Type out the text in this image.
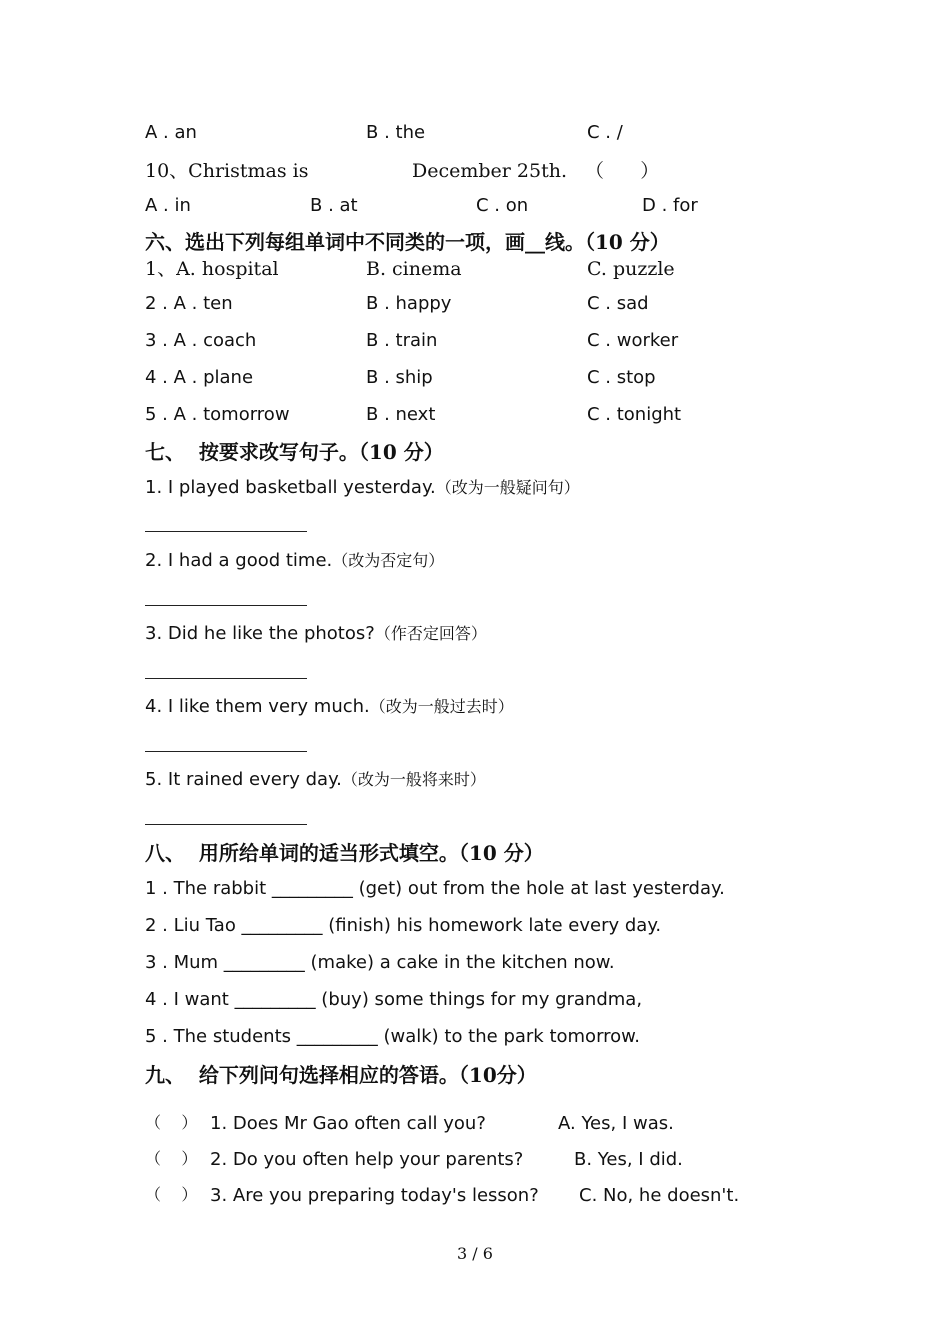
A . an	B . the	C . /
10、Christmas is	December 25th. （      ）
A . in	B . at	C . on	D . for
六、选出下列每组单词中不同类的一项，画__线。（10 分）
1、A. hospital	B. cinema	C. puzzle
2 . A . ten	B . happy	C . sad
3 . A . coach	B . train	C . worker
4 . A . plane	B . ship	C . stop
5 . A . tomorrow	B . next	C . tonight
七、  按要求改写句子。（10 分）
1. I played basketball yesterday.（改为一般疑问句）
2. I had a good time.（改为否定句）
3. Did he like the photos?（作否定回答）
4. I like them very much.（改为一般过去时）
5. It rained every day.（改为一般将来时）
八、  用所给单词的适当形式填空。（10 分）
1 . The rabbit _________ (get) out from the hole at last yesterday.
2 . Liu Tao _________ (finish) his homework late every day.
3 . Mum _________ (make) a cake in the kitchen now.
4 . I want _________ (buy) some things for my grandma,
5 . The students _________ (walk) to the park tomorrow.
九、  给下列问句选择相应的答语。（10分）
（    ） 1. Does Mr Gao often call you?	A. Yes, I was.
（    ） 2. Do you often help your parents?	B. Yes, I did.
（    ） 3. Are you preparing today's lesson? C. No, he doesn't.
3 / 6
